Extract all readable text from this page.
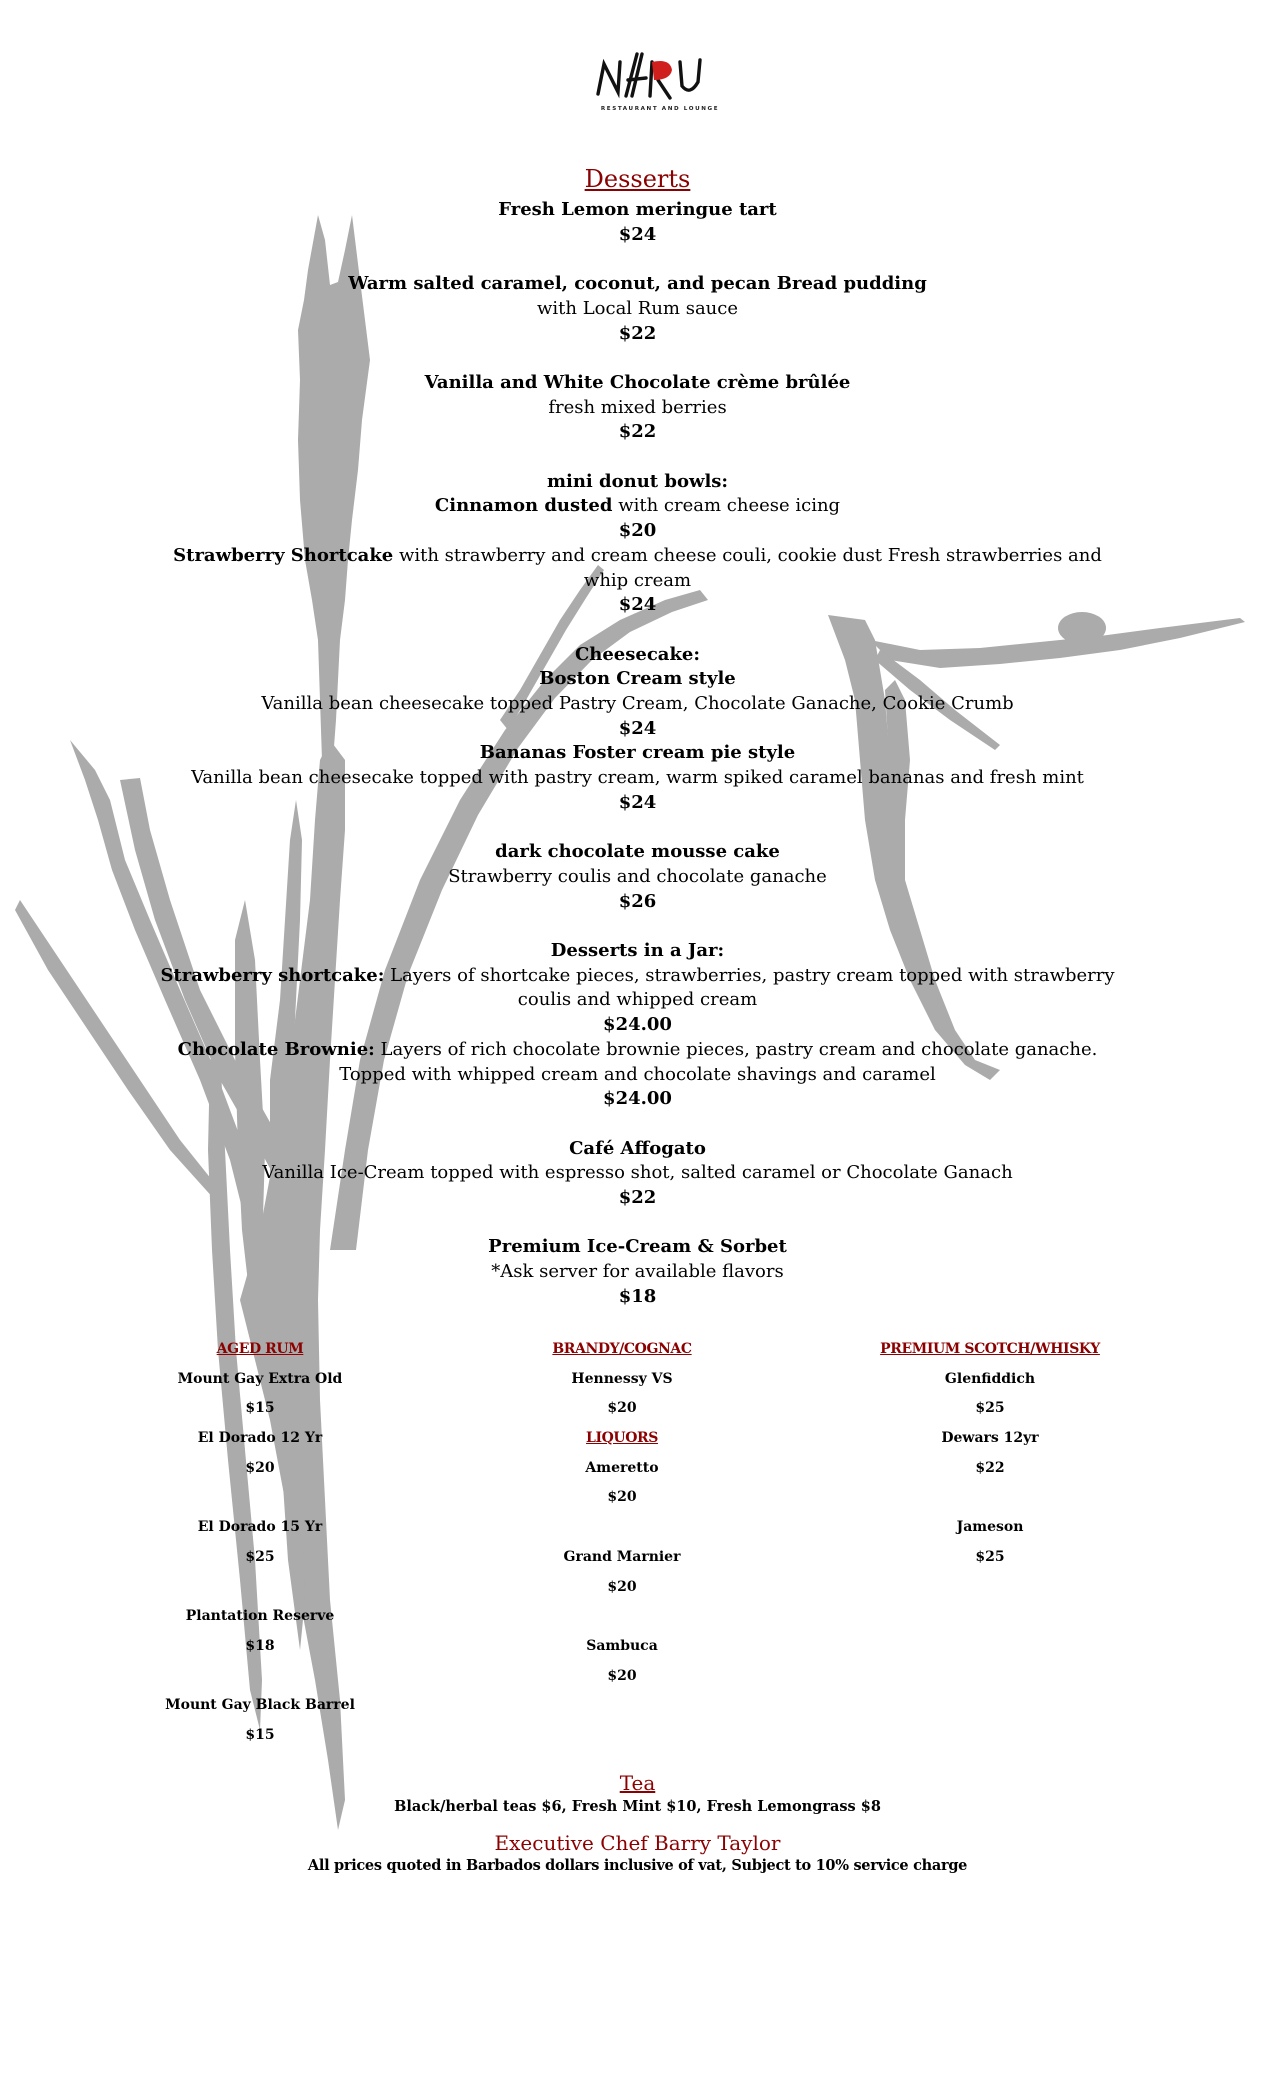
RESTAURANT AND LOUNGE
Desserts
Fresh Lemon meringue tart
$24
Warm salted caramel, coconut, and pecan Bread pudding
with Local Rum sauce
$22
Vanilla and White Chocolate crème brûlée
fresh mixed berries
$22
mini donut bowls:
Cinnamon dusted with cream cheese icing
$20
Strawberry Shortcake with strawberry and cream cheese couli, cookie dust Fresh strawberries and whip cream
$24
Cheesecake:
Boston Cream style
Vanilla bean cheesecake topped Pastry Cream, Chocolate Ganache, Cookie Crumb
$24
Bananas Foster cream pie style
Vanilla bean cheesecake topped with pastry cream, warm spiked caramel bananas and fresh mint
$24
dark chocolate mousse cake
Strawberry coulis and chocolate ganache
$26
Desserts in a Jar:
Strawberry shortcake: Layers of shortcake pieces, strawberries, pastry cream topped with strawberry coulis and whipped cream
$24.00
Chocolate Brownie: Layers of rich chocolate brownie pieces, pastry cream and chocolate ganache. Topped with whipped cream and chocolate shavings and caramel
$24.00
Café Affogato
Vanilla Ice-Cream topped with espresso shot, salted caramel or Chocolate Ganach
$22
Premium Ice-Cream & Sorbet
*Ask server for available flavors
$18
AGED RUM
Mount Gay Extra Old
$15
El Dorado 12 Yr
$20
El Dorado 15 Yr
$25
Plantation Reserve
$18
Mount Gay Black Barrel
$15
BRANDY/COGNAC
Hennessy VS
$20
LIQUORS
Ameretto
$20
Grand Marnier
$20
Sambuca
$20
PREMIUM SCOTCH/WHISKY
Glenfiddich
$25
Dewars 12yr
$22
Jameson
$25
Tea
Black/herbal teas $6, Fresh Mint $10, Fresh Lemongrass $8
Executive Chef Barry Taylor
All prices quoted in Barbados dollars inclusive of vat, Subject to 10% service charge
